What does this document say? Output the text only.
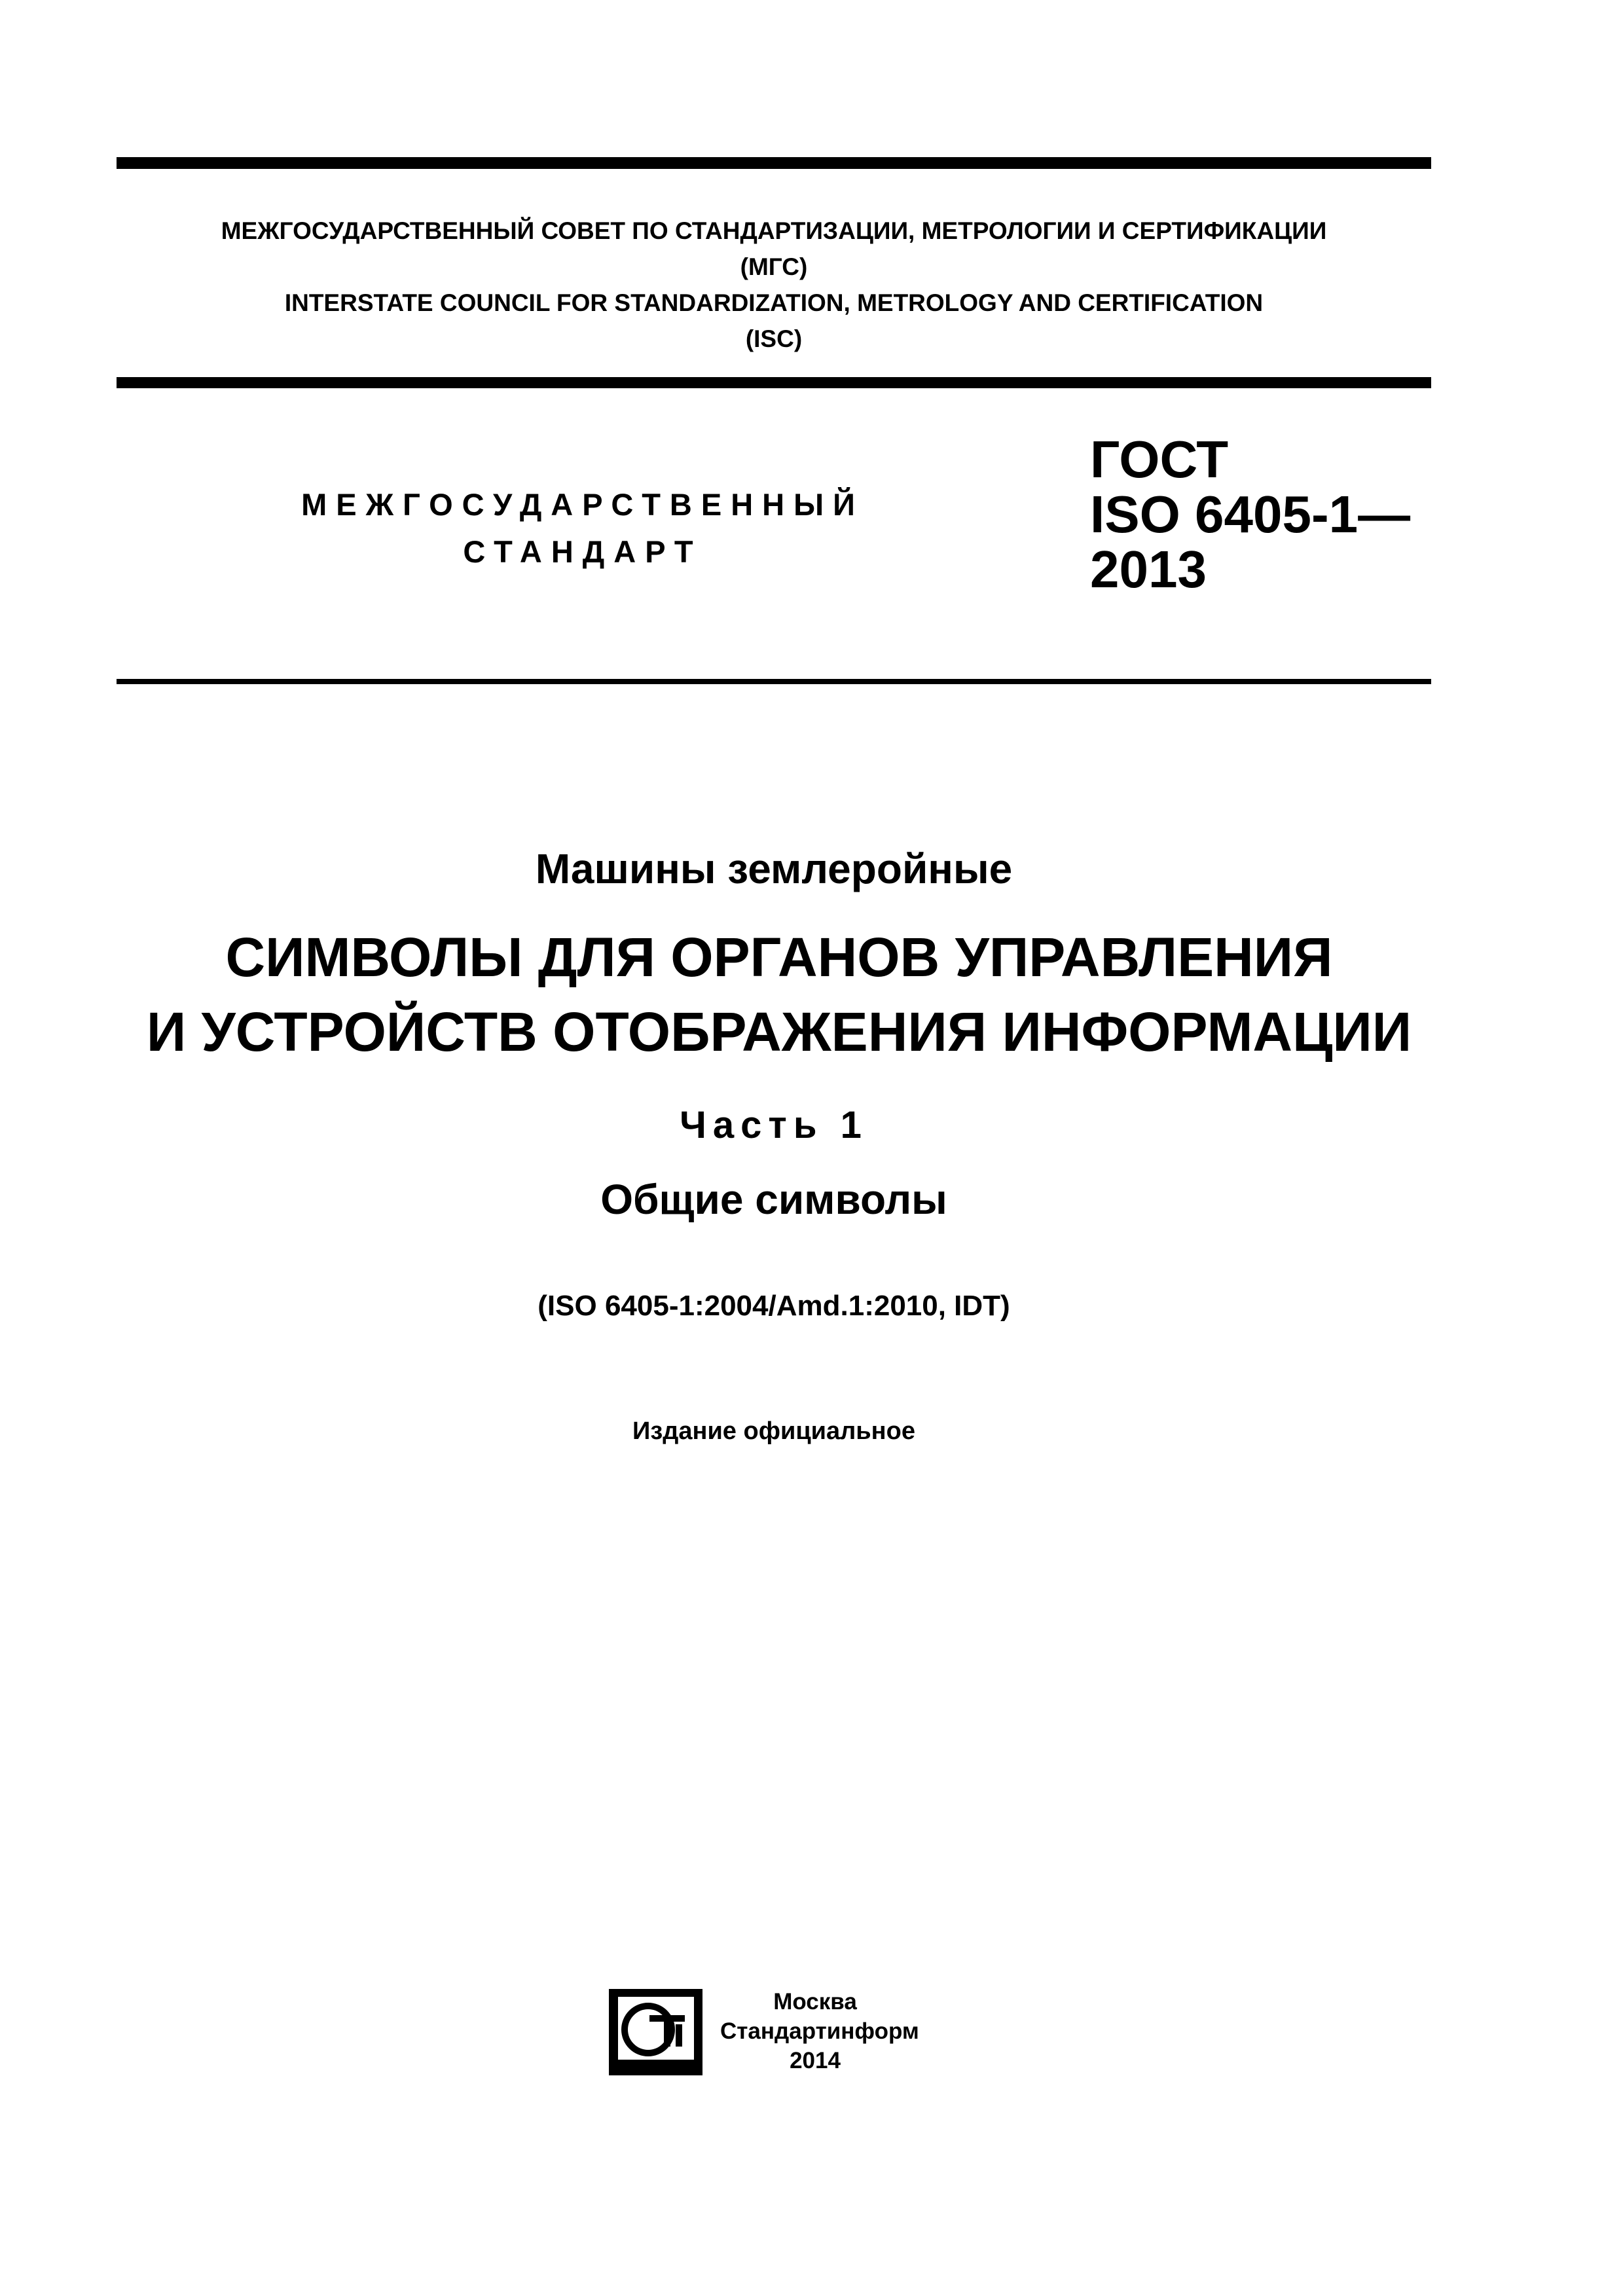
МЕЖГОСУДАРСТВЕННЫЙ СОВЕТ ПО СТАНДАРТИЗАЦИИ, МЕТРОЛОГИИ И СЕРТИФИКАЦИИ
(МГС)
INTERSTATE COUNCIL FOR STANDARDIZATION, METROLOGY AND CERTIFICATION
(ISC)
МЕЖГОСУДАРСТВЕННЫЙ
СТАНДАРТ
ГОСТ
ISO 6405-1—
2013
Машины землеройные
СИМВОЛЫ ДЛЯ ОРГАНОВ УПРАВЛЕНИЯ
И УСТРОЙСТВ ОТОБРАЖЕНИЯ ИНФОРМАЦИИ
Часть 1
Общие символы
(ISO 6405-1:2004/Amd.1:2010, IDT)
Издание официальное
Москва
Стандартинформ
2014
